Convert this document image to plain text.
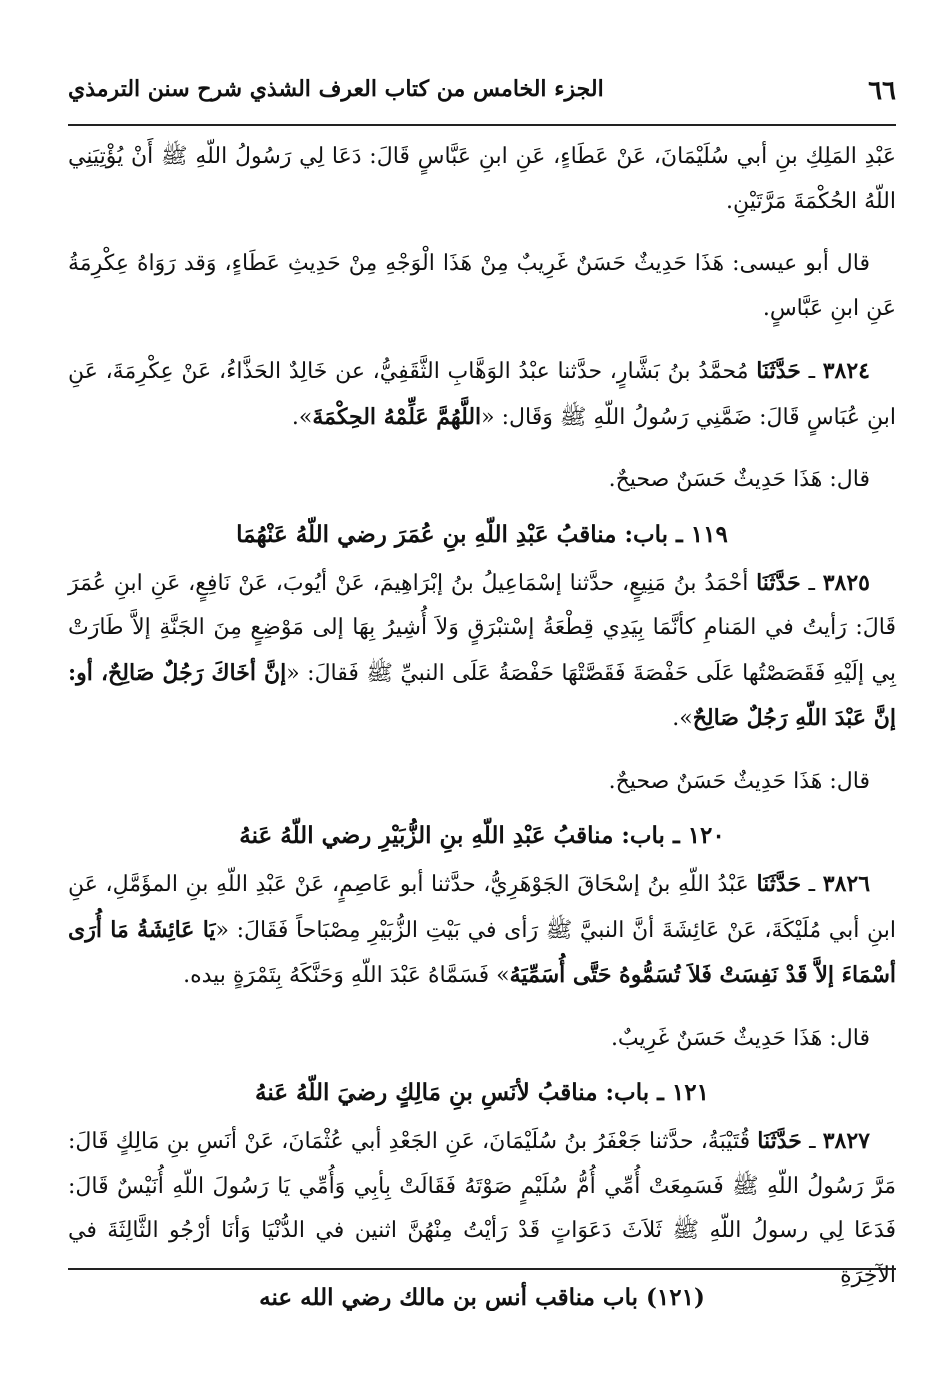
٦٦
الجزء الخامس من كتاب العرف الشذي شرح سنن الترمذي

عَبْدِ المَلِكِ بنِ أبي سُلَيْمَانَ، عَنْ عَطَاءٍ، عَنِ ابنِ عَبَّاسٍ قَالَ: دَعَا لِي رَسُولُ اللّهِ ﷺ أَنْ يُؤْتِيَنِي اللّهُ الحُكْمَةَ مَرَّتَيْنِ.

قال أبو عيسى: هَذَا حَدِيثٌ حَسَنٌ غَرِيبٌ مِنْ هَذَا الْوَجْهِ مِنْ حَدِيثِ عَطَاءٍ، وَقد رَوَاهُ عِكْرِمَةُ عَنِ ابنِ عَبَّاسٍ.

٣٨٢٤ ـ حَدَّثَنَا مُحمَّدُ بنُ بَشَّارٍ، حدَّثنا عبْدُ الوَهَّابِ الثَّقَفِيُّ، عن خَالِدٌ الحَذَّاءُ، عَنْ عِكْرِمَةَ، عَنِ ابنِ عُبَاسٍ قَالَ: ضَمَّنِي رَسُولُ اللّهِ ﷺ وَقَال: «اللَّهُمَّ عَلِّمْهُ الحِكْمَةَ».

قال: هَذَا حَدِيثٌ حَسَنٌ صحيحٌ.

١١٩ ـ باب: مناقبُ عَبْدِ اللّهِ بنِ عُمَرَ رضي اللّهُ عَنْهُمَا

٣٨٢٥ ـ حَدَّثَنَا أحْمَدُ بنُ مَنِيعٍ، حدَّثنا إسْمَاعِيلُ بنُ إبْرَاهِيمَ، عَنْ أيُوبَ، عَنْ نَافِعٍ، عَنِ ابنِ عُمَرَ قَالَ: رَأيتُ في المَنامِ كأنَّمَا بِيَدِي قِطْعَةُ إسْتبْرَقٍ وَلاَ أُشِيرُ بِهَا إلى مَوْضِعٍ مِنَ الجَنَّةِ إلاَّ طَارَتْ بِي إلَيْهِ فَقَصَصْتُها عَلَى حَفْصَةَ فَقَصَّتْهَا حَفْصَةُ عَلَى النبيِّ ﷺ فَقالَ: «إنَّ أخَاكَ رَجُلٌ صَالِحٌ، أو: إنَّ عَبْدَ اللّهِ رَجُلٌ صَالِحٌ».

قال: هَذَا حَدِيثٌ حَسَنٌ صحيحٌ.

١٢٠ ـ باب: مناقبُ عَبْدِ اللّهِ بنِ الزُّبَيْرِ رضي اللّهُ عَنهُ

٣٨٢٦ ـ حَدَّثَنَا عَبْدُ اللّهِ بنُ إسْحَاقَ الجَوْهَرِيُّ، حدَّثنا أبو عَاصِمٍ، عَنْ عَبْدِ اللّهِ بنِ المؤَمَّلِ، عَنِ ابنِ أبي مُلَيْكَةَ، عَنْ عَائِشَةَ أنَّ النبيَّ ﷺ رَأى في بَيْتِ الزُّبَيْرِ مِصْبَاحاً فَقَالَ: «يَا عَائِشَةُ مَا أُرَى أسْمَاءَ إلاَّ قَدْ نَفِسَتْ فَلاَ تُسَمُّوهُ حَتَّى أُسَمِّيَهُ» فَسَمَّاهُ عَبْدَ اللّهِ وَحَنَّكَهُ بِتَمْرَةٍ بيده.

قال: هَذَا حَدِيثٌ حَسَنٌ غَرِيبٌ.

١٢١ ـ باب: مناقبُ لأنَسِ بنِ مَالِكٍ رضيَ اللّهُ عَنهُ

٣٨٢٧ ـ حَدَّثَنَا قُتَيْبَةُ، حدَّثنا جَعْفَرُ بنُ سُلَيْمَانَ، عَنِ الجَعْدِ أبي عُثْمَانَ، عَنْ أنَسِ بنِ مَالِكٍ قَالَ: مَرَّ رَسُولُ اللّهِ ﷺ فَسَمِعَتْ أُمِّي أُمُّ سُلَيْمٍ صَوْتَهُ فَقَالَتْ بِأبِي وَأُمِّي يَا رَسُولَ اللّهِ أُنَيْسٌ قَالَ: فَدَعَا لِي رسولُ اللّهِ ﷺ ثَلاَثَ دَعَوَاتٍ قَدْ رَأيْتُ مِنْهُنَّ اثنين في الدُّنْيَا وَأنَا أرْجُو الثَّالِثَةَ في الآخِرَةِ

(١٢١) باب مناقب أنس بن مالك رضي الله عنه
